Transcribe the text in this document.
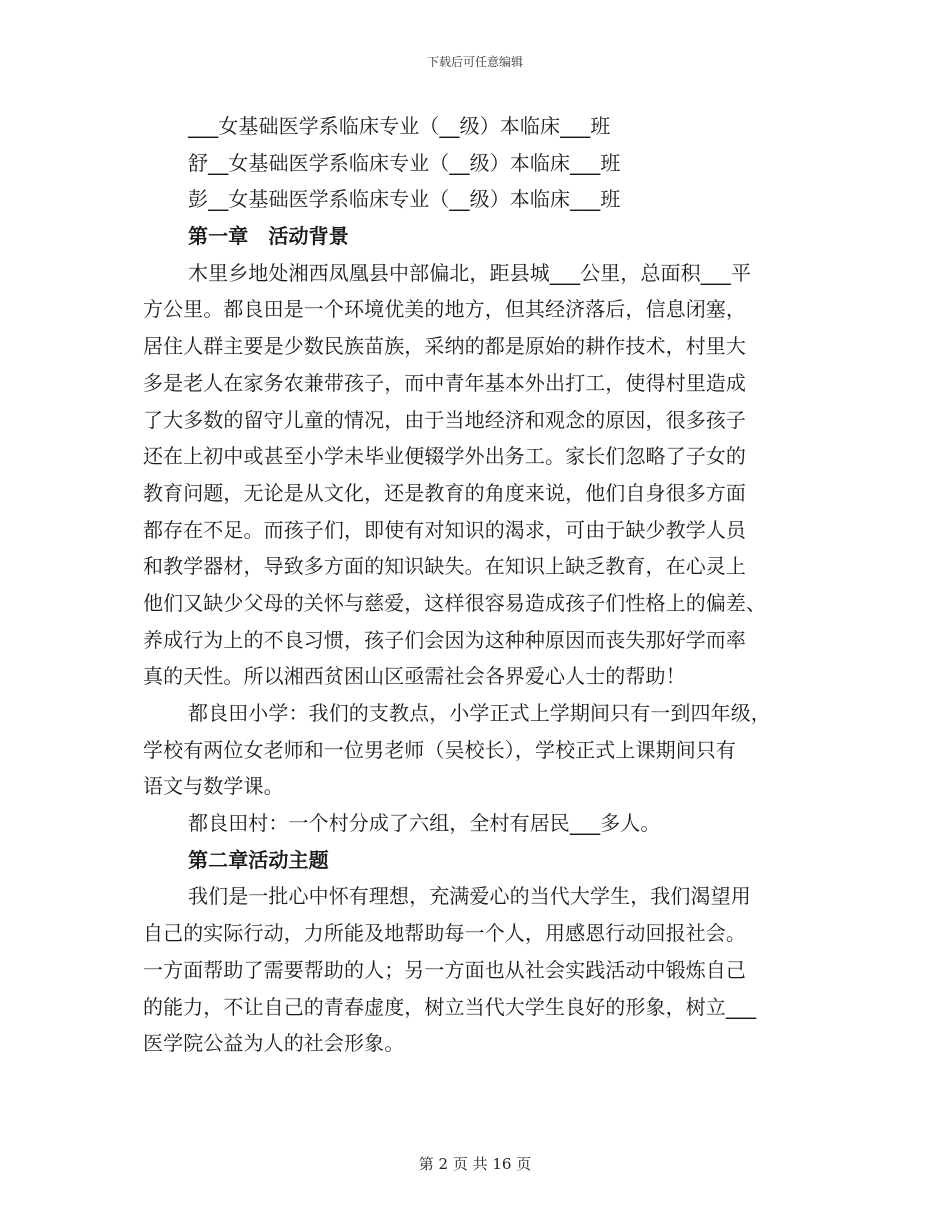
下载后可任意编辑
___女基础医学系临床专业（__级）本临床___班
舒__女基础医学系临床专业（__级）本临床___班
彭__女基础医学系临床专业（__级）本临床___班
第一章　活动背景
木里乡地处湘西凤凰县中部偏北，距县城___公里，总面积___平
方公里。都良田是一个环境优美的地方，但其经济落后，信息闭塞，
居住人群主要是少数民族苗族，采纳的都是原始的耕作技术，村里大
多是老人在家务农兼带孩子，而中青年基本外出打工，使得村里造成
了大多数的留守儿童的情况，由于当地经济和观念的原因，很多孩子
还在上初中或甚至小学未毕业便辍学外出务工。家长们忽略了子女的
教育问题，无论是从文化，还是教育的角度来说，他们自身很多方面
都存在不足。而孩子们，即使有对知识的渴求，可由于缺少教学人员
和教学器材，导致多方面的知识缺失。在知识上缺乏教育，在心灵上
他们又缺少父母的关怀与慈爱，这样很容易造成孩子们性格上的偏差、
养成行为上的不良习惯，孩子们会因为这种种原因而丧失那好学而率
真的天性。所以湘西贫困山区亟需社会各界爱心人士的帮助！
都良田小学：我们的支教点，小学正式上学期间只有一到四年级，
学校有两位女老师和一位男老师（吴校长），学校正式上课期间只有
语文与数学课。
都良田村：一个村分成了六组，全村有居民___多人。
第二章活动主题
我们是一批心中怀有理想，充满爱心的当代大学生，我们渴望用
自己的实际行动，力所能及地帮助每一个人，用感恩行动回报社会。
一方面帮助了需要帮助的人；另一方面也从社会实践活动中锻炼自己
的能力，不让自己的青春虚度，树立当代大学生良好的形象，树立___
医学院公益为人的社会形象。
第 2 页 共 16 页
